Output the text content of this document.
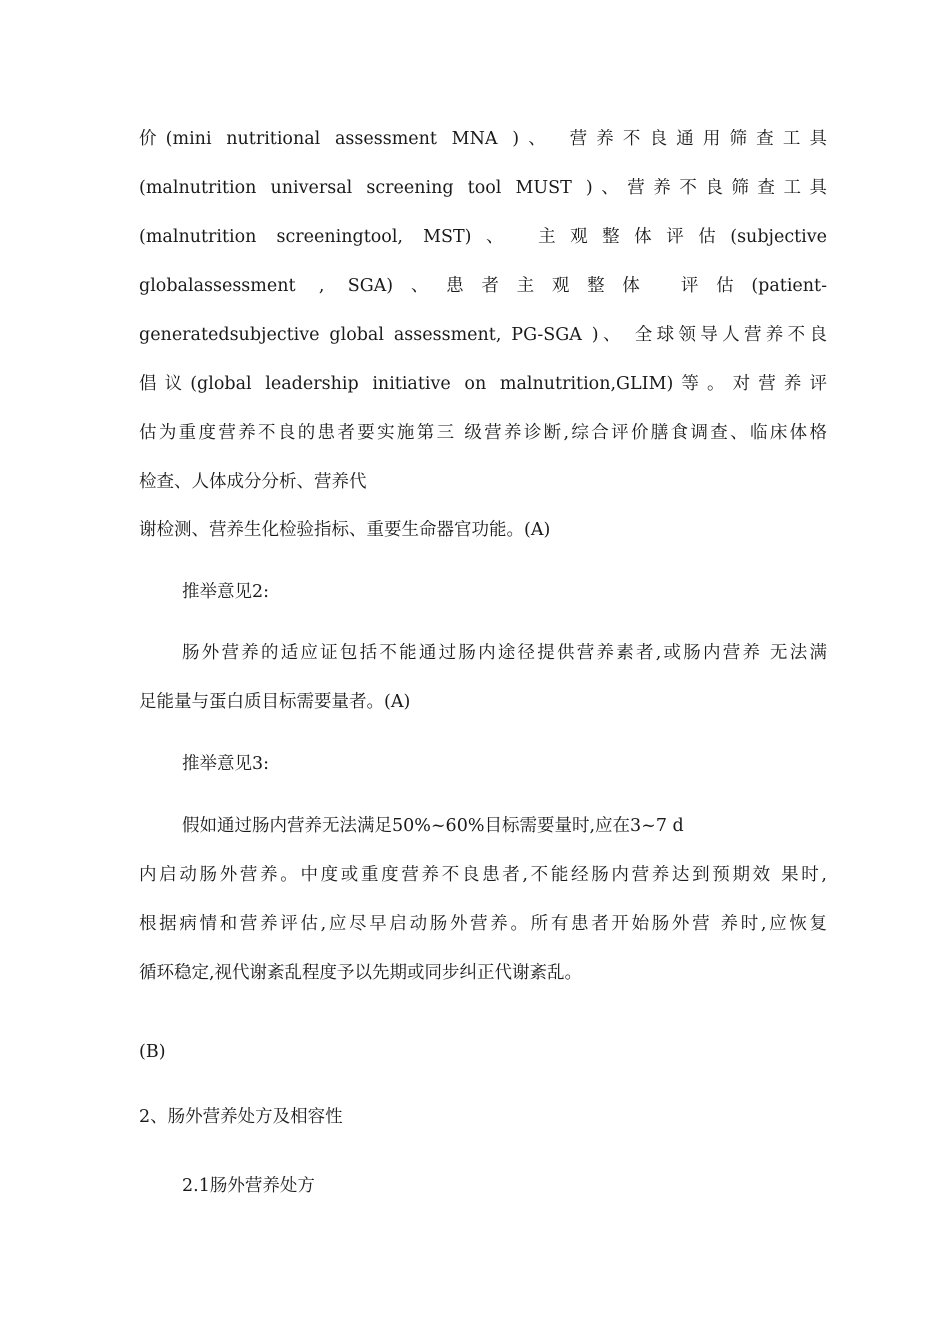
价(mini nutritional assessment MNA )、 营养不良通用筛查工具
(malnutrition universal screening tool MUST )、营养不良筛查工具
(malnutrition screeningtool, MST)、 主观整体评估(subjective
globalassessment , SGA)、患者主观整体 评估(patient-
generatedsubjective global assessment, PG-SGA )、 全球领导人营养不良
倡议(global leadership initiative on malnutrition,GLIM)等。对营养评
估为重度营养不良的患者要实施第三 级营养诊断,综合评价膳食调查、临床体格
检查、人体成分分析、营养代
谢检测、营养生化检验指标、重要生命器官功能。(A)
推举意见2:
肠外营养的适应证包括不能通过肠内途径提供营养素者,或肠内营养 无法满
足能量与蛋白质目标需要量者。(A)
推举意见3:
假如通过肠内营养无法满足50%~60%目标需要量时,应在3~7 d
内启动肠外营养。中度或重度营养不良患者,不能经肠内营养达到预期效 果时,
根据病情和营养评估,应尽早启动肠外营养。所有患者开始肠外营 养时,应恢复
循环稳定,视代谢紊乱程度予以先期或同步纠正代谢紊乱。
(B)
2、肠外营养处方及相容性
2.1肠外营养处方
